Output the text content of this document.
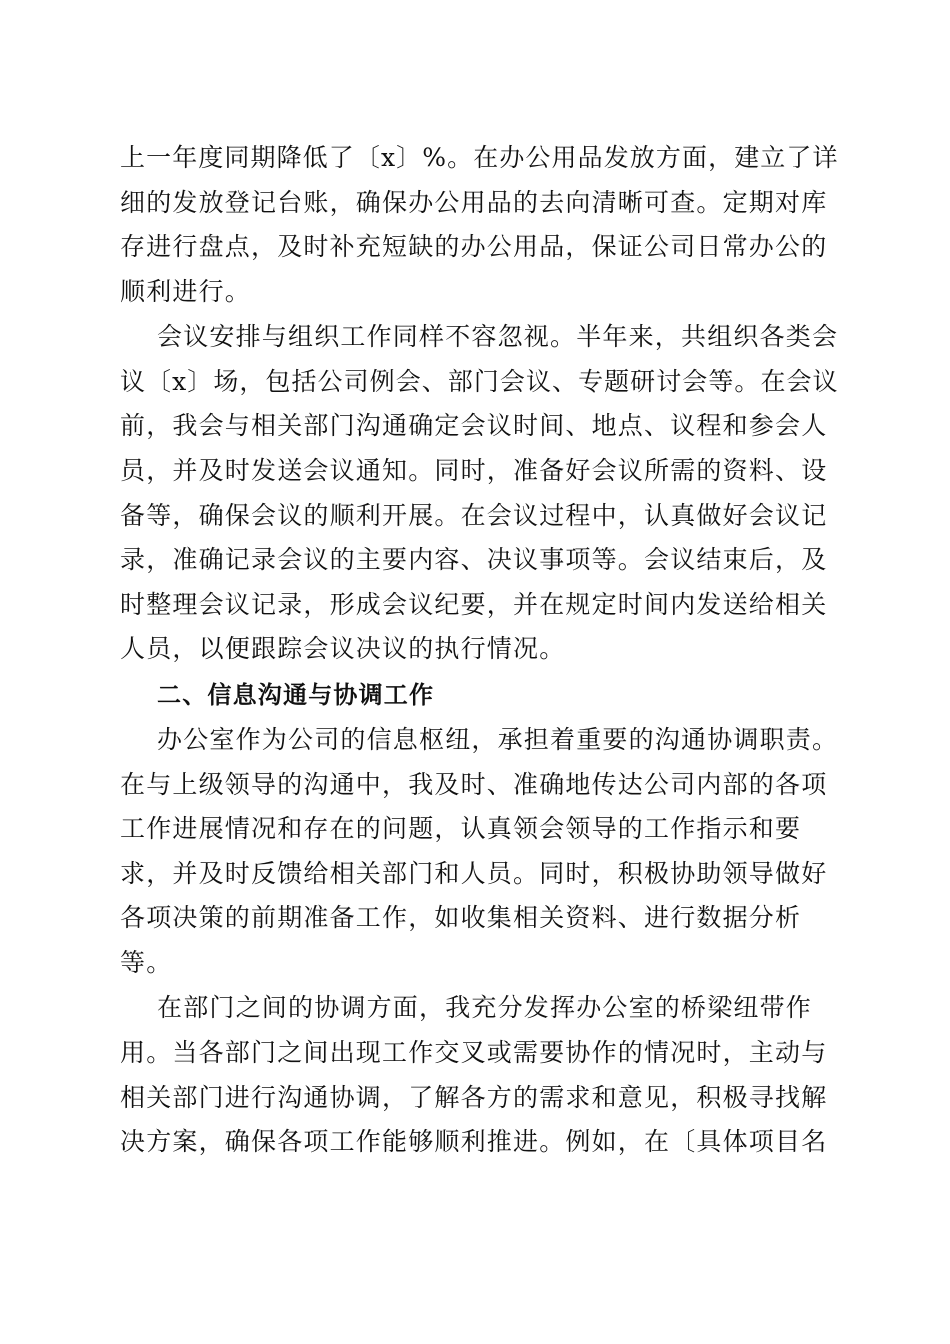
上一年度同期降低了〔x〕%。在办公用品发放方面，建立了详
细的发放登记台账，确保办公用品的去向清晰可查。定期对库
存进行盘点，及时补充短缺的办公用品，保证公司日常办公的
顺利进行。
会议安排与组织工作同样不容忽视。半年来，共组织各类会
议〔x〕场，包括公司例会、部门会议、专题研讨会等。在会议
前，我会与相关部门沟通确定会议时间、地点、议程和参会人
员，并及时发送会议通知。同时，准备好会议所需的资料、设
备等，确保会议的顺利开展。在会议过程中，认真做好会议记
录，准确记录会议的主要内容、决议事项等。会议结束后，及
时整理会议记录，形成会议纪要，并在规定时间内发送给相关
人员，以便跟踪会议决议的执行情况。
二、信息沟通与协调工作
办公室作为公司的信息枢纽，承担着重要的沟通协调职责。
在与上级领导的沟通中，我及时、准确地传达公司内部的各项
工作进展情况和存在的问题，认真领会领导的工作指示和要
求，并及时反馈给相关部门和人员。同时，积极协助领导做好
各项决策的前期准备工作，如收集相关资料、进行数据分析
等。
在部门之间的协调方面，我充分发挥办公室的桥梁纽带作
用。当各部门之间出现工作交叉或需要协作的情况时，主动与
相关部门进行沟通协调，了解各方的需求和意见，积极寻找解
决方案，确保各项工作能够顺利推进。例如，在〔具体项目名
